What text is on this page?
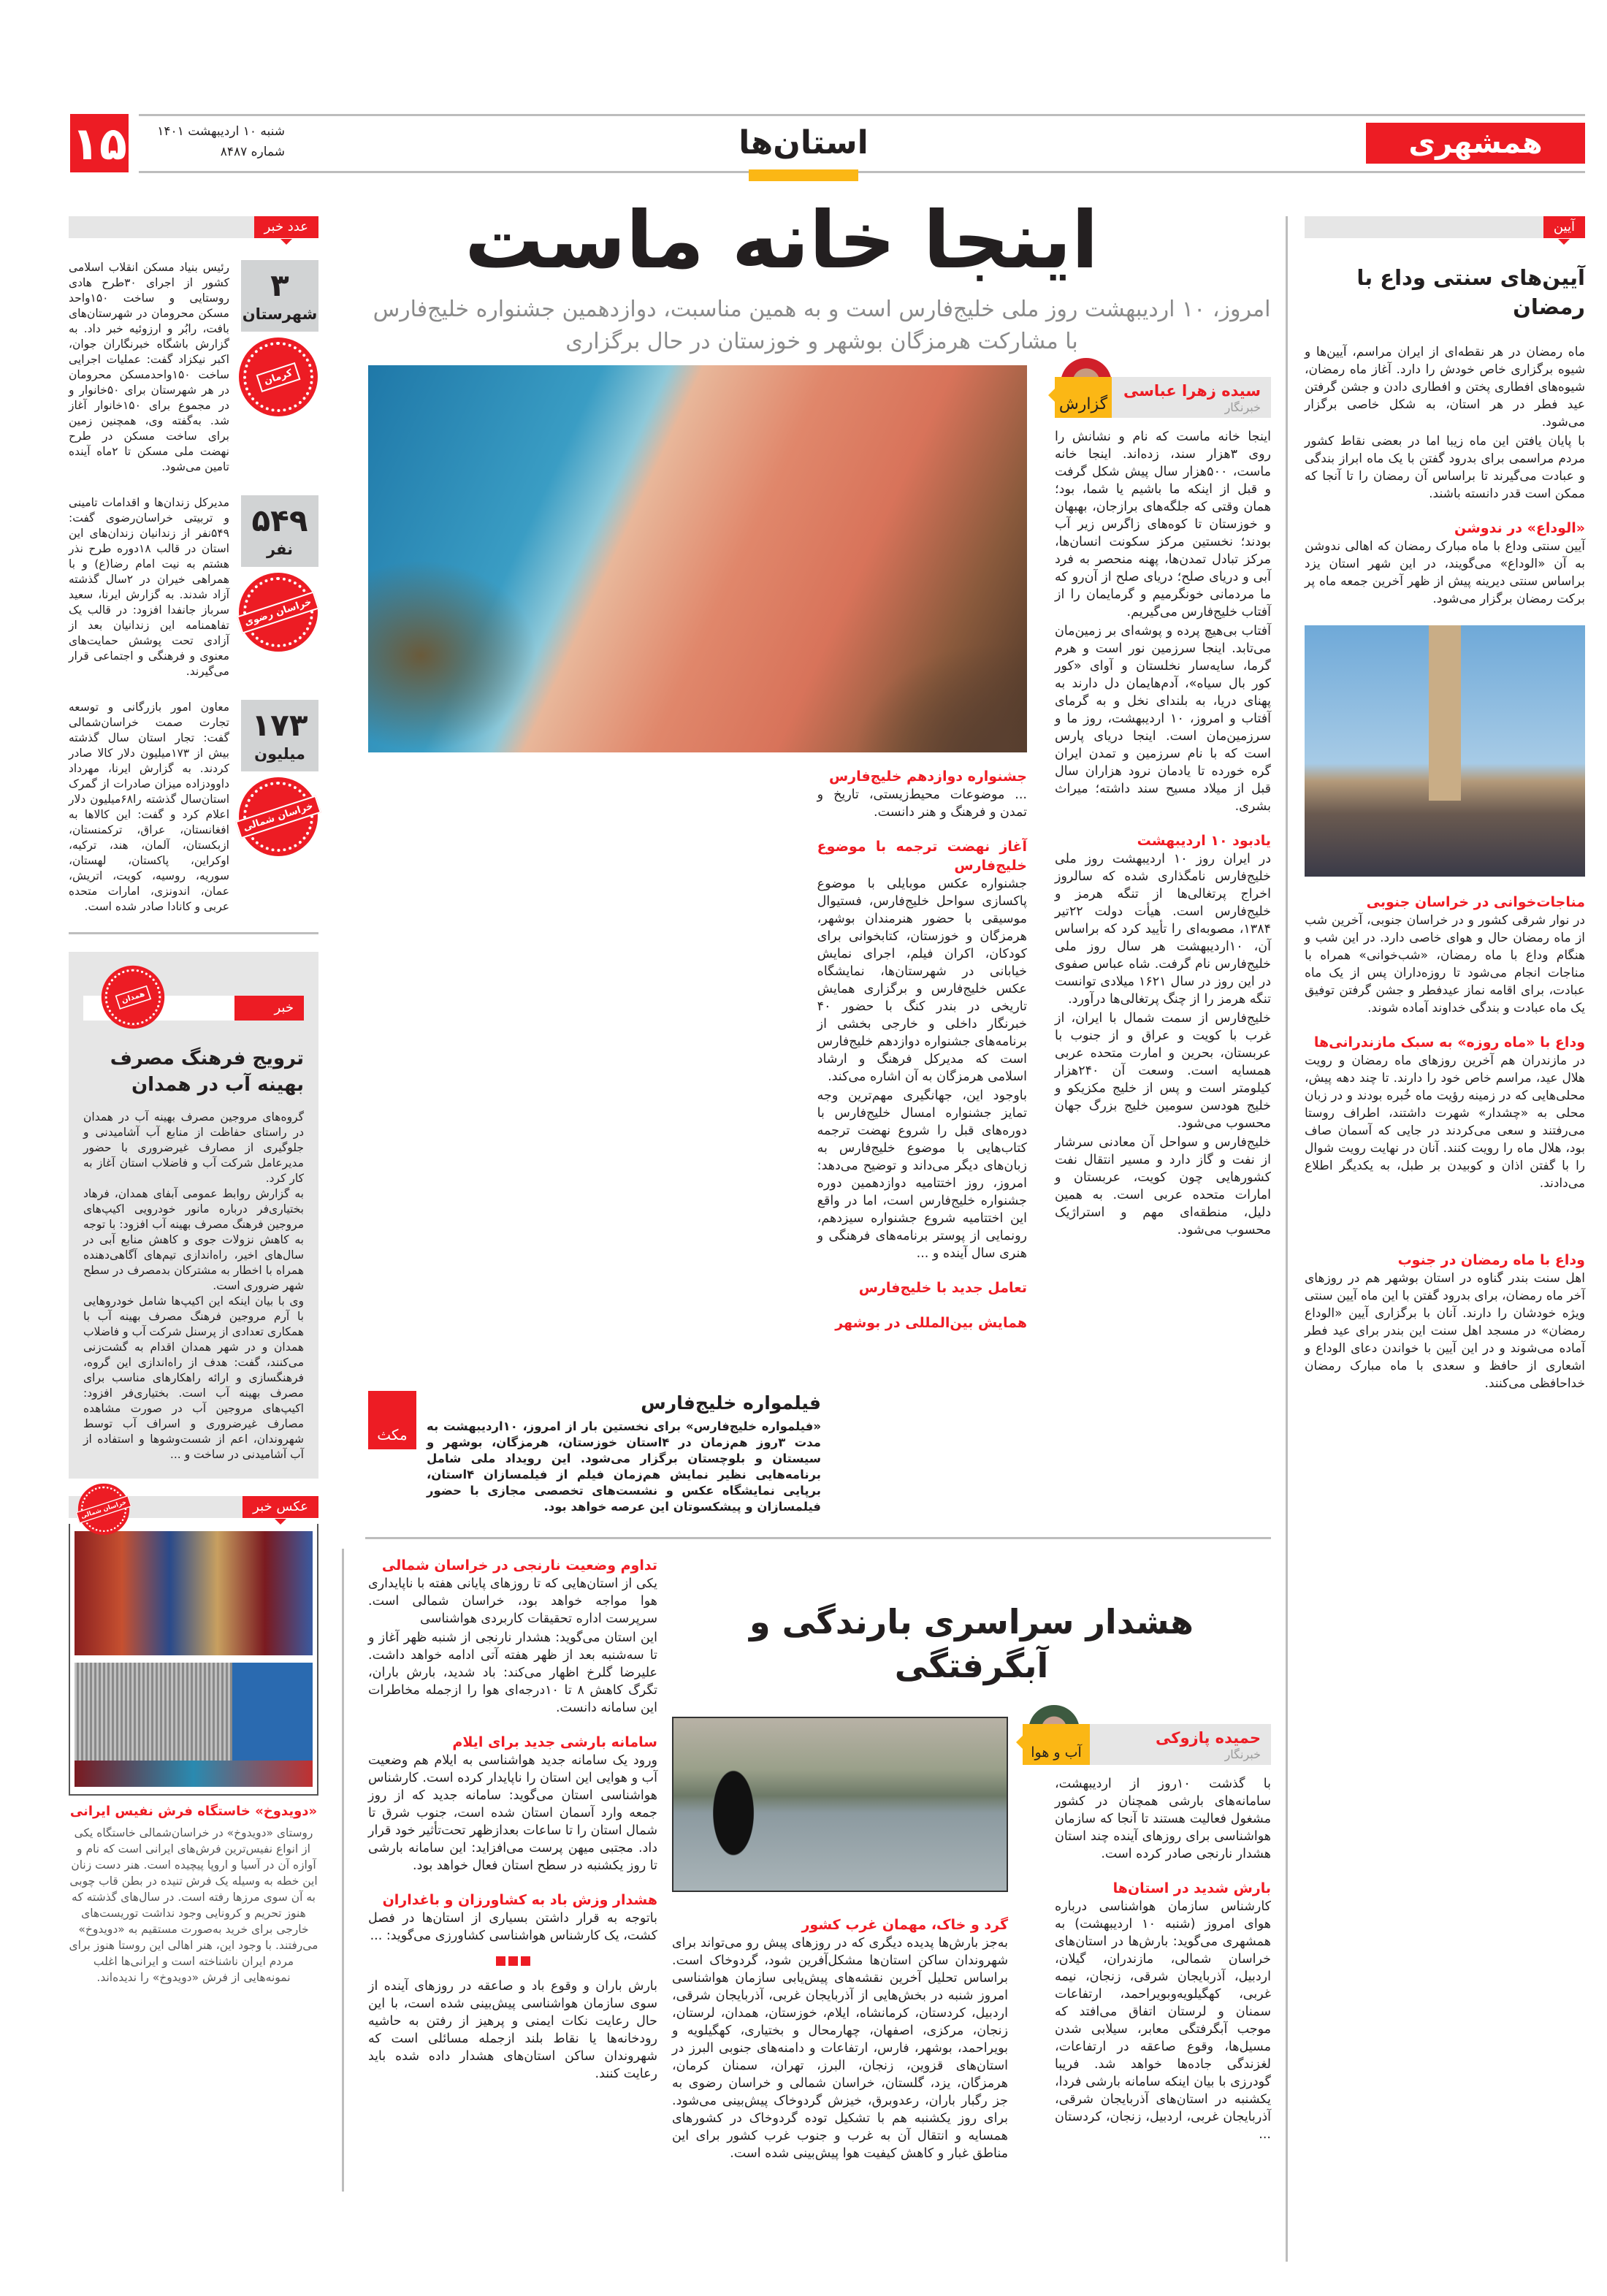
۱۵	شنبه ۱۰ اردیبهشت ۱۴۰۱
شماره ۸۴۸۷	استان‌ها	همشهری
اینجا خانه ماست
امروز، ۱۰ اردیبهشت روز ملی خلیج‌فارس است و به همین مناسبت، دوازدهمین جشنواره خلیج‌فارس با مشارکت هرمزگان بوشهر و خوزستان در حال برگزاری
سیده زهرا عباسی
خبرنگار
گزارش

اینجا خانه ماست که نام و نشانش را روی ۳هزار سند، زده‌اند. اینجا خانه ماست، ۵۰۰هزار سال پیش شکل گرفت و قبل از اینکه ما باشیم یا شما، بود؛ همان وقتی که جلگه‌های برازجان، بهبهان و خوزستان تا کوه‌های زاگرس زیر آب بودند؛ نخستین مرکز سکونت انسان‌ها، مرکز تبادل تمدن‌ها، پهنه منحصر به فرد آبی و دریای صلح؛ دریای صلح از آن‌رو که ما مردمانی خونگرمیم و گرمایمان را از آفتاب خلیج‌فارس می‌گیریم.

آفتاب بی‌هیچ پرده و پوشه‌ای بر زمین‌مان می‌تابد. اینجا سرزمین نور است و هرم گرما، سایه‌سار نخلستان و آوای «کور کور بال سیاه»، آدم‌هایمان دل دارند به پهنای دریا، به بلندای نخل و به گرمای آفتاب و امروز، ۱۰ اردیبهشت، روز ما و سرزمین‌مان است. اینجا دریای پارس است که با نام سرزمین و تمدن ایران گره خورده تا یادمان نرود هزاران سال قبل از میلاد مسیح سند داشته؛ میراث بشری.

یادبود ۱۰ اردیبهشت

در ایران روز ۱۰ اردیبهشت روز ملی خلیج‌فارس نامگذاری شده که سالروز اخراج پرتغالی‌ها از تنگه هرمز و خلیج‌فارس است. هیأت دولت ۲۲تیر ۱۳۸۴، مصوبه‌ای را تأیید کرد که براساس آن، ۱۰اردیبهشت هر سال روز ملی خلیج‌فارس نام گرفت. شاه عباس صفوی در این روز در سال ۱۶۲۱ میلادی توانست تنگه هرمز را از چنگ پرتغالی‌ها درآورد.

خلیج‌فارس از سمت شمال با ایران، از غرب با کویت و عراق و از جنوب با عربستان، بحرین و امارت متحده عربی همسایه است. وسعت آن ۲۴۰هزار کیلومتر است و پس از خلیج مکزیکو و خلیج هودسن سومین خلیج بزرگ جهان محسوب می‌شود.

خلیج‌فارس و سواحل آن معادنی سرشار از نفت و گاز دارد و مسیر انتقال نفت کشورهایی چون کویت، عربستان و امارات متحده عربی است. به همین دلیل، منطقه‌ای مهم و استراژیک محسوب می‌شود.

جشنواره دوازدهم خلیج‌فارس

... موضوعات محیط‌زیستی، تاریخ و تمدن و فرهنگ و هنر دانست.

آغاز نهضت ترجمه با موضوع خلیج‌فارس

جشنواره عکس موبایلی با موضوع پاکسازی سواحل خلیج‌فارس، فستیوال موسیقی با حضور هنرمندان بوشهر، هرمزگان و خوزستان، کتابخوانی برای کودکان، اکران فیلم، اجرای نمایش خیابانی در شهرستان‌ها، نمایشگاه عکس خلیج‌فارس و برگزاری همایش تاریخی در بندر کنگ با حضور ۴۰ خبرنگار داخلی و خارجی بخشی از برنامه‌های جشنواره دوازدهم خلیج‌فارس است که مدیرکل فرهنگ و ارشاد اسلامی هرمزگان به آن اشاره می‌کند.

باوجود این، جهانگیری مهم‌ترین وجه تمایز جشنواره امسال خلیج‌فارس با دوره‌های قبل را شروع نهضت ترجمه کتاب‌هایی با موضوع خلیج‌فارس به زبان‌های دیگر می‌داند و توضیح می‌دهد: امروز، روز اختتامیه دوازدهمین دوره جشنواره خلیج‌فارس است، اما در واقع این اختتامیه شروع جشنواره سیزدهم، رونمایی از پوستر برنامه‌های فرهنگی و هنری سال آینده و ...

تعامل جدید با خلیج‌فارس
همایش بین‌المللی در بوشهر
فیلمواره خلیج‌فارس
«فیلمواره خلیج‌فارس» برای نخستین بار از امروز، ۱۰اردیبهشت به مدت ۳روز هم‌زمان در ۴استان خوزستان، هرمزگان، بوشهر و سیستان و بلوچستان برگزار می‌شود. این رویداد ملی شامل برنامه‌هایی نظیر نمایش هم‌زمان فیلم از فیلمسازان ۴استان، برپایی نمایشگاه عکس و نشست‌های تخصصی مجازی با حضور فیلمسازان و پیشکسوتان این عرصه خواهد بود.
مکث
هشدار سراسری بارندگی و آبگرفتگی
حمیده پازوکی
خبرنگار
آب و هوا

با گذشت ۱۰روز از اردیبهشت، سامانه‌های بارشی همچنان در کشور مشغول فعالیت هستند تا آنجا که سازمان هواشناسی برای روزهای آینده چند استان هشدار نارنجی صادر کرده است.

بارش شدید در استان‌ها

کارشناس سازمان هواشناسی درباره هوای امروز (شنبه ۱۰ اردیبهشت) به همشهری می‌گوید: بارش‌ها در استان‌های خراسان شمالی، مازندران، گیلان، اردبیل، آذربایجان شرقی، زنجان، نیمه غربی، کهگیلویه‌وبویراحمد، ارتفاعات سمنان و لرستان اتفاق می‌افتد که موجب آبگرفتگی معابر، سیلابی شدن مسیل‌ها، وقوع صاعقه در ارتفاعات، لغزندگی جاده‌ها خواهد شد. فریبا گودرزی با بیان اینکه سامانه بارشی فردا، یکشنبه در استان‌های آذربایجان شرقی، آذربایجان غربی، اردبیل، زنجان، کردستان ...

گرد و خاک، مهمان غرب کشور

به‌جز بارش‌ها پدیده دیگری که در روزهای پیش رو می‌تواند برای شهروندان ساکن استان‌ها مشکل‌آفرین شود، گردوخاک است. براساس تحلیل آخرین نقشه‌های پیش‌یابی سازمان هواشناسی امروز شنبه در بخش‌هایی از آذربایجان غربی، آذربایجان شرقی، اردبیل، کردستان، کرمانشاه، ایلام، خوزستان، همدان، لرستان، زنجان، مرکزی، اصفهان، چهارمحال و بختیاری، کهگیلویه و بویراحمد، بوشهر، فارس، ارتفاعات و دامنه‌های جنوبی البرز در استان‌های قزوین، زنجان، البرز، تهران، سمنان کرمان، هرمزگان، یزد، گلستان، خراسان شمالی و خراسان رضوی به جز رگبار باران، رعدوبرق، خیزش گردوخاک پیش‌بینی می‌شود. برای روز یکشنبه هم با تشکیل توده گردوخاک در کشورهای همسایه و انتقال آن به غرب و جنوب غرب کشور برای این مناطق غبار و کاهش کیفیت هوا پیش‌بینی شده است.

تداوم وضعیت نارنجی در خراسان شمالی

یکی از استان‌هایی که تا روزهای پایانی هفته با ناپایداری هوا مواجه خواهد بود، خراسان شمالی است. سرپرست اداره تحقیقات کاربردی هواشناسی

این استان می‌گوید: هشدار نارنجی از شنبه ظهر آغاز و تا سه‌شنبه بعد از ظهر هفته آتی ادامه خواهد داشت. علیرضا گلرخ اظهار می‌کند: باد شدید، بارش باران، تگرگ کاهش ۸ تا ۱۰درجه‌ای هوا را ازجمله مخاطرات این سامانه دانست.

سامانه بارشی جدید برای ایلام

ورود یک سامانه جدید هواشناسی به ایلام هم وضعیت آب و هوایی این استان را ناپایدار کرده است. کارشناس هواشناسی استان می‌گوید: سامانه جدید که از روز جمعه وارد آسمان استان شده است، جنوب شرق تا شمال استان را تا ساعات بعدازظهر تحت‌تأثیر خود قرار داد. مجتبی میهن پرست می‌افزاید: این سامانه بارشی تا روز یکشنبه در سطح استان فعال خواهد بود.

هشدار وزش باد به کشاورزان و باغداران

باتوجه به قرار داشتن بسیاری از استان‌ها در فصل کشت، یک کارشناس هواشناسی کشاورزی می‌گوید: ...

بارش باران و وقوع باد و صاعقه در روزهای آینده از سوی سازمان هواشناسی پیش‌بینی شده است، با این حال رعایت نکات ایمنی و پرهیز از رفتن به حاشیه رودخانه‌ها یا نقاط بلند ازجمله مسائلی است که شهروندان ساکن استان‌های هشدار داده شده باید رعایت کنند.

عدد خبر
۳
شهرستان
کرمان
رئیس بنیاد مسکن انقلاب اسلامی کشور از اجرای ۳۰طرح هادی روستایی و ساخت ۱۵۰واحد مسکن محرومان در شهرستان‌های بافت، رابُر و ارزوئیه خبر داد. به گزارش باشگاه خبرنگاران جوان، اکبر نیکزاد گفت: عملیات اجرایی ساخت ۱۵۰واحدمسکن محرومان در هر شهرستان برای ۵۰خانوار و در مجموع برای ۱۵۰خانوار آغاز شد. به‌گفته وی، همچنین زمین برای ساخت مسکن در طرح نهضت ملی مسکن تا ۲ماه آینده تامین می‌شود.
۵۴۹
نفر
خراسان رضوی
مدیرکل زندان‌ها و اقدامات تامینی و تربیتی خراسان‌رضوی گفت: ۵۴۹نفر از زندانیان زندان‌های این استان در قالب ۱۸دوره طرح نذر هشتم به نیت امام رضا(ع) و با همراهی خیران در ۲سال گذشته آزاد شدند. به گزارش ایرنا، سعید سرباز جانفدا افزود: در قالب یک تفاهمنامه این زندانیان بعد از آزادی تحت پوشش حمایت‌های معنوی و فرهنگی و اجتماعی قرار می‌گیرند.
۱۷۳
میلیون
خراسان شمالی
معاون امور بازرگانی و توسعه تجارت صمت خراسان‌شمالی گفت: تجار استان سال گذشته بیش از ۱۷۳میلیون دلار کالا صادر کردند. به گزارش ایرنا، مهرداد داوودزاده میزان صادرات از گمرک استان‌سال گذشته را۶۸میلیون دلار اعلام کرد و گفت: این کالاها به افغانستان، عراق، ترکمنستان، ازبکستان، آلمان، هند، ترکیه، اوکراین، پاکستان، لهستان، سوریه، روسیه، کویت، اتریش، عمان، اندونزی، امارات متحده عربی و کانادا صادر شده است.
خبر
همدان
ترویج فرهنگ مصرف بهینه آب در همدان

گروه‌های مروجین مصرف بهینه آب در همدان در راستای حفاظت از منابع آب آشامیدنی و جلوگیری از مصارف غیرضروری با حضور مدیرعامل شرکت آب و فاضلاب استان آغاز به کار کرد.

به گزارش روابط عمومی آبفای همدان، فرهاد بختیاری‌فر درباره مانور خودرویی اکیپ‌های مروجین فرهنگ مصرف بهینه آب افزود: با توجه به کاهش نزولات جوی و کاهش منابع آبی در سال‌های اخیر، راه‌اندازی تیم‌های آگاهی‌دهنده همراه با اخطار به مشترکان بدمصرف در سطح شهر ضروری است.

وی با بیان اینکه این اکیپ‌ها شامل خودروهایی با آرم مروجین فرهنگ مصرف بهینه آب با همکاری تعدادی از پرسنل شرکت آب و فاضلاب همدان و در شهر همدان اقدام به گشت‌زنی می‌کنند، گفت: هدف از راه‌اندازی این گروه، فرهنگسازی و ارائه راهکارهای مناسب برای مصرف بهینه آب است. بختیاری‌فر افزود: اکیپ‌های مروجین آب در صورت مشاهده مصارف غیرضروری و اسراف آب توسط شهروندان، اعم از شست‌وشوها و استفاده از آب آشامیدنی در ساخت و ...

عکس خبر
خراسان شمالی
«دویدوخ» خاستگاه فرش نفیس ایرانی
روستای «دویدوخ» در خراسان‌شمالی خاستگاه یکی از انواع نفیس‌ترین فرش‌های ایرانی است که نام و آوازه آن در آسیا و اروپا پیچیده است. هنر دست زنان این خطه به وسیله یک فرش تنیده در بطن قاب چوبی به آن سوی مرزها رفته است. در سال‌های گذشته که هنوز تحریم و کرونایی وجود نداشت توریست‌های خارجی برای خرید به‌صورت مستقیم به «دویدوخ» می‌رفتند. با وجود این، هنر اهالی این روستا هنوز برای مردم ایران ناشناخته است و ایرانی‌ها اغلب نمونه‌هایی از فرش «دویدوخ» را ندیده‌اند.
آیین
آیین‌های سنتی وداع با رمضان

ماه رمضان در هر نقطه‌ای از ایران مراسم، آیین‌ها و شیوه برگزاری خاص خودش را دارد. آغاز ماه رمضان، شیوه‌های افطاری پختن و افطاری دادن و جشن گرفتن عید فطر در هر استان، به شکل خاصی برگزار می‌شود.

با پایان یافتن این ماه زیبا اما در بعضی نقاط کشور مردم مراسمی برای بدرود گفتن با یک ماه ابراز بندگی و عبادت می‌گیرند تا براساس آن رمضان را تا آنجا که ممکن است قدر دانسته باشند.

«الوداع» در ندوشن

آیین سنتی وداع با ماه مبارک رمضان که اهالی ندوشن به آن «الوداع» می‌گویند، در این شهر استان یزد براساس سنتی دیرینه پیش از ظهر آخرین جمعه ماه پر برکت رمضان برگزار می‌شود.

مناجات‌خوانی در خراسان جنوبی

در نوار شرقی کشور و در خراسان جنوبی، آخرین شب از ماه رمضان حال و هوای خاصی دارد. در این شب و هنگام وداع با ماه رمضان، «شب‌خوانی» همراه با مناجات انجام می‌شود تا روزه‌داران پس از یک ماه عبادت، برای اقامه نماز عیدفطر و جشن گرفتن توفیق یک ماه عبادت و بندگی خداوند آماده شوند.

وداع با «ماه روزه» به سبک مازندرانی‌ها

در مازندران هم آخرین روزهای ماه رمضان و رویت هلال عید، مراسم خاص خود را دارند. تا چند دهه پیش، محلی‌هایی که در زمینه رؤیت ماه خُبره بودند و در زبان محلی به «چشدار» شهرت داشتند، اطراف روستا می‌رفتند و سعی می‌کردند در جایی که آسمان صاف بود، هلال ماه را رویت کنند. آنان در نهایت رویت شوال را با گفتن اذان و کوبیدن بر طبل، به یکدیگر اطلاع می‌دادند.

وداع با ماه رمضان در جنوب

اهل سنت بندر گناوه در استان بوشهر هم در روزهای آخر ماه رمضان، برای بدرود گفتن با این ماه آیین سنتی ویژه خودشان را دارند. آنان با برگزاری آیین «الوداع رمضان» در مسجد اهل سنت این بندر برای عید فطر آماده می‌شوند و در این آیین با خواندن دعای الوداع و اشعاری از حافظ و سعدی با ماه مبارک رمضان خداحافظی می‌کنند.
